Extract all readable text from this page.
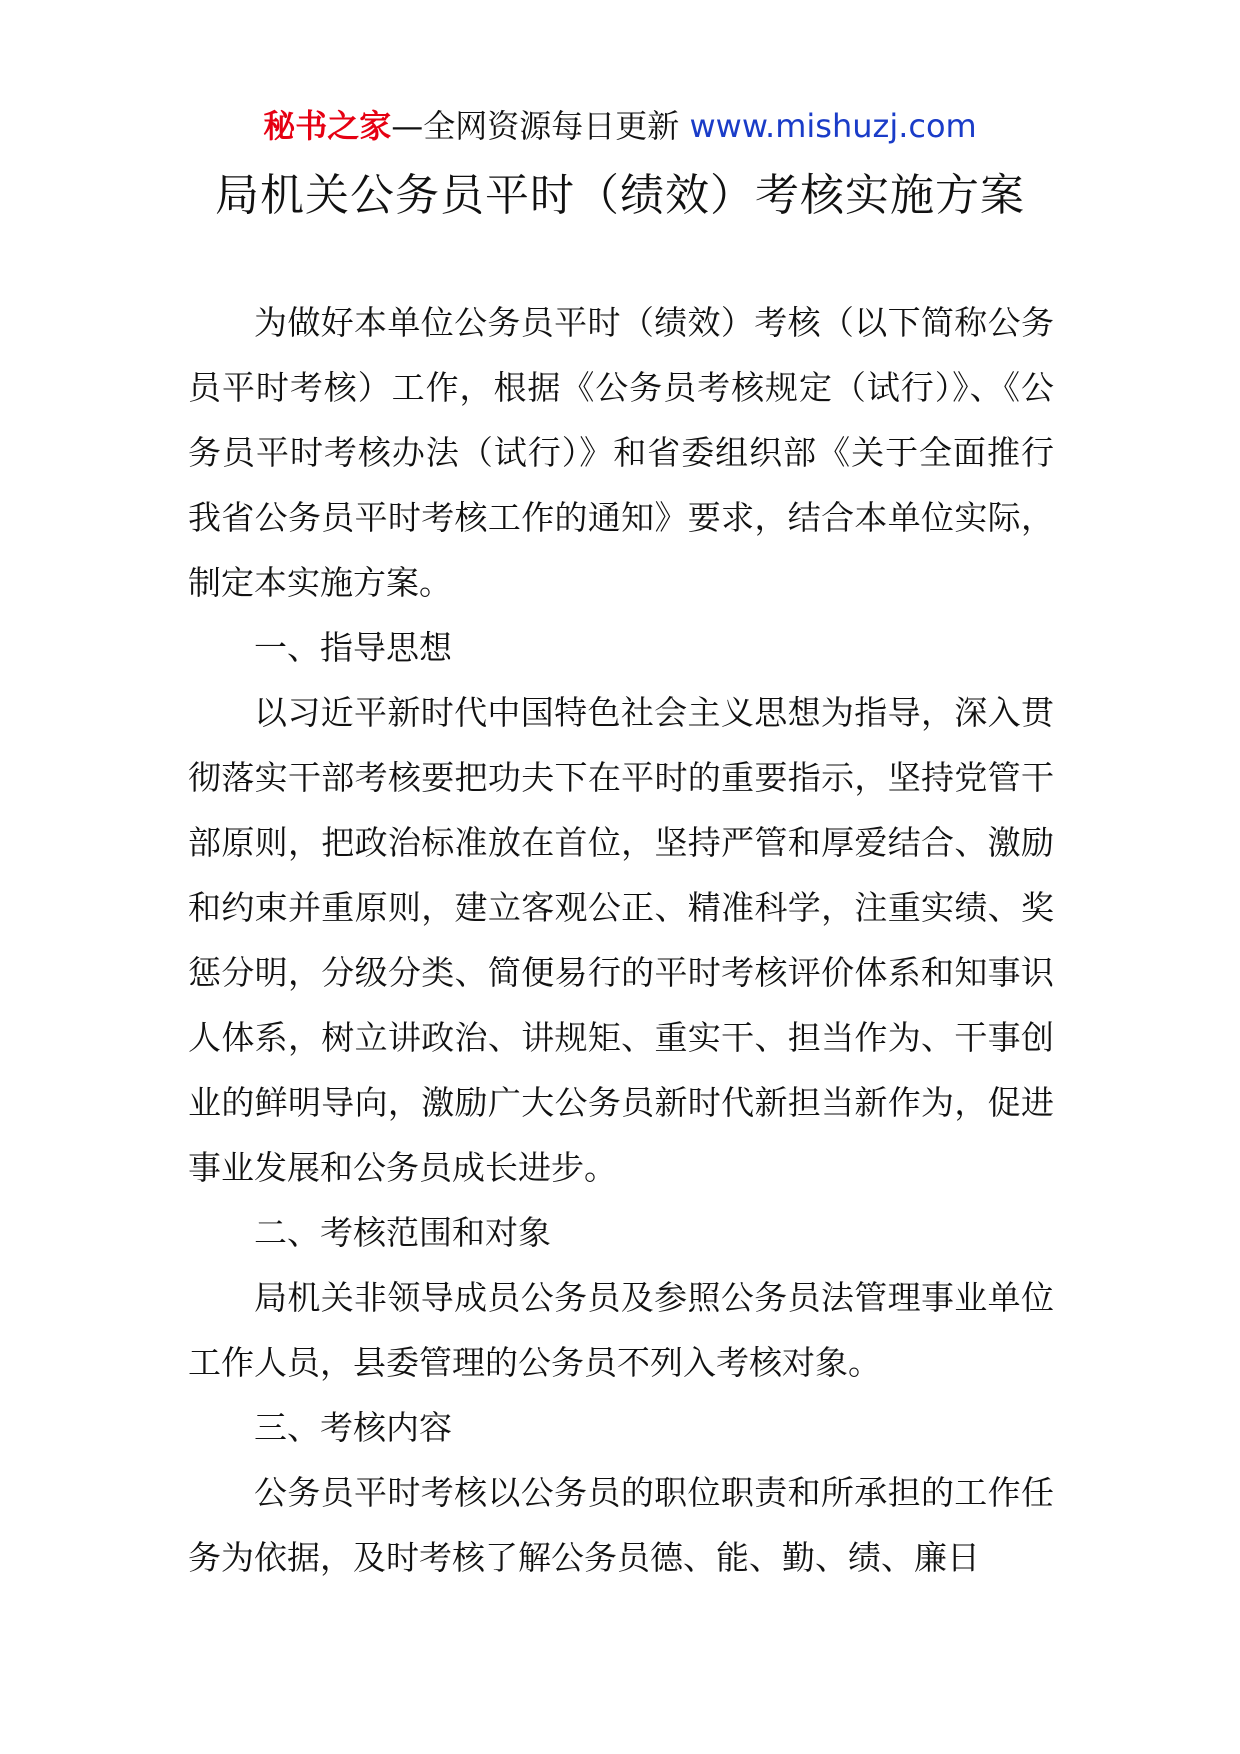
秘书之家—全网资源每日更新 www.mishuzj.com
局机关公务员平时（绩效）考核实施方案

为做好本单位公务员平时（绩效）考核（以下简称公务员平时考核）工作，根据《公务员考核规定（试行）》、《公务员平时考核办法（试行）》和省委组织部《关于全面推行我省公务员平时考核工作的通知》要求，结合本单位实际，制定本实施方案。

一、指导思想

以习近平新时代中国特色社会主义思想为指导，深入贯彻落实干部考核要把功夫下在平时的重要指示，坚持党管干部原则，把政治标准放在首位，坚持严管和厚爱结合、激励和约束并重原则，建立客观公正、精准科学，注重实绩、奖惩分明，分级分类、简便易行的平时考核评价体系和知事识人体系，树立讲政治、讲规矩、重实干、担当作为、干事创业的鲜明导向，激励广大公务员新时代新担当新作为，促进事业发展和公务员成长进步。

二、考核范围和对象

局机关非领导成员公务员及参照公务员法管理事业单位工作人员，县委管理的公务员不列入考核对象。

三、考核内容

公务员平时考核以公务员的职位职责和所承担的工作任务为依据，及时考核了解公务员德、能、勤、绩、廉日
